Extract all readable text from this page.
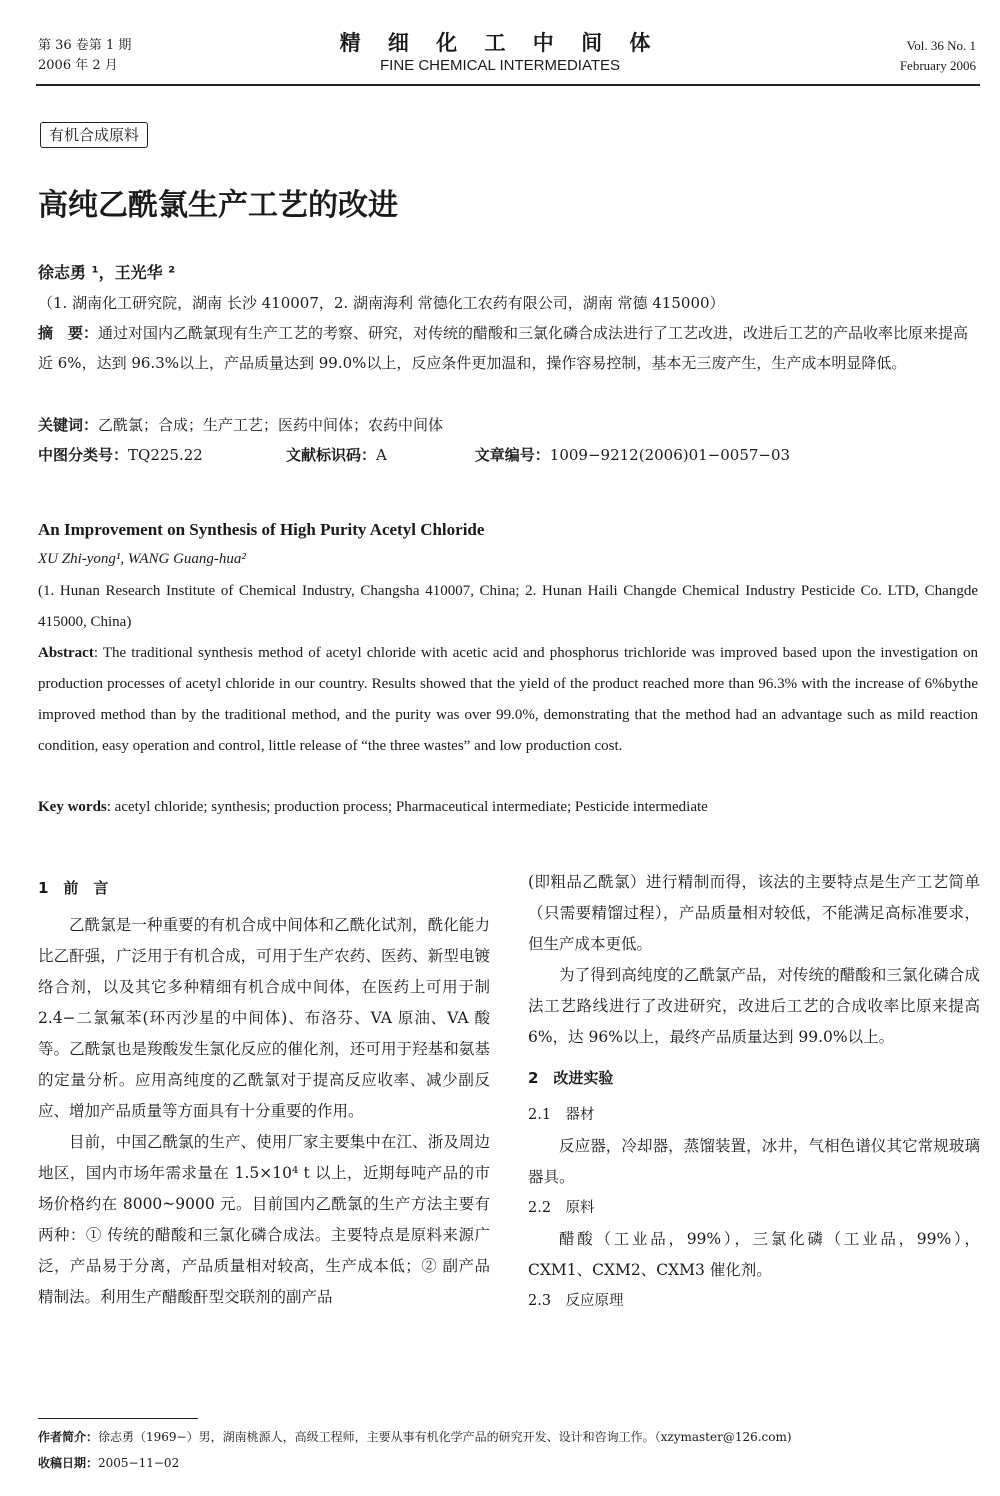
第 36 卷第 1 期
2006 年 2 月
精 细 化 工 中 间 体
FINE CHEMICAL INTERMEDIATES
Vol. 36 No. 1
February 2006
有机合成原料
高纯乙酰氯生产工艺的改进
徐志勇 ¹，王光华 ²
（1. 湖南化工研究院，湖南 长沙 410007，2. 湖南海利 常德化工农药有限公司，湖南 常德 415000）
摘　要：通过对国内乙酰氯现有生产工艺的考察、研究，对传统的醋酸和三氯化磷合成法进行了工艺改进，改进后工艺的产品收率比原来提高近 6%，达到 96.3%以上，产品质量达到 99.0%以上，反应条件更加温和，操作容易控制，基本无三废产生，生产成本明显降低。
关键词：乙酰氯；合成；生产工艺；医药中间体；农药中间体
中图分类号：TQ225.22	文献标识码：A	文章编号：1009−9212(2006)01−0057−03
An Improvement on Synthesis of High Purity Acetyl Chloride
XU Zhi-yong¹, WANG Guang-hua²
(1. Hunan Research Institute of Chemical Industry, Changsha 410007, China; 2. Hunan Haili Changde Chemical Industry Pesticide Co. LTD, Changde 415000, China)
Abstract: The traditional synthesis method of acetyl chloride with acetic acid and phosphorus trichloride was improved based upon the investigation on production processes of acetyl chloride in our country. Results showed that the yield of the product reached more than 96.3% with the increase of 6%bythe improved method than by the traditional method, and the purity was over 99.0%, demonstrating that the method had an advantage such as mild reaction condition, easy operation and control, little release of “the three wastes” and low production cost.
Key words: acetyl chloride; synthesis; production process; Pharmaceutical intermediate; Pesticide intermediate

1　前　言

乙酰氯是一种重要的有机合成中间体和乙酰化试剂，酰化能力比乙酐强，广泛用于有机合成，可用于生产农药、医药、新型电镀络合剂，以及其它多种精细有机合成中间体，在医药上可用于制 2.4−二氯氟苯(环丙沙星的中间体)、布洛芬、VA 原油、VA 酸等。乙酰氯也是羧酸发生氯化反应的催化剂，还可用于羟基和氨基的定量分析。应用高纯度的乙酰氯对于提高反应收率、减少副反应、增加产品质量等方面具有十分重要的作用。

目前，中国乙酰氯的生产、使用厂家主要集中在江、浙及周边地区，国内市场年需求量在 1.5×10⁴ t 以上，近期每吨产品的市场价格约在 8000~9000 元。目前国内乙酰氯的生产方法主要有两种：① 传统的醋酸和三氯化磷合成法。主要特点是原料来源广泛，产品易于分离，产品质量相对较高，生产成本低；② 副产品精制法。利用生产醋酸酐型交联剂的副产品

(即粗品乙酰氯）进行精制而得，该法的主要特点是生产工艺简单（只需要精馏过程），产品质量相对较低，不能满足高标准要求，但生产成本更低。

为了得到高纯度的乙酰氯产品，对传统的醋酸和三氯化磷合成法工艺路线进行了改进研究，改进后工艺的合成收率比原来提高 6%，达 96%以上，最终产品质量达到 99.0%以上。

2　改进实验

2.1　器材

反应器，冷却器，蒸馏装置，冰井，气相色谱仪其它常规玻璃器具。

2.2　原料

醋酸（工业品，99%），三氯化磷（工业品，99%），CXM1、CXM2、CXM3 催化剂。

2.3　反应原理

作者简介：徐志勇（1969−）男，湖南桃源人，高级工程师，主要从事有机化学产品的研究开发、设计和咨询工作。（xzymaster@126.com)
收稿日期：2005−11−02
